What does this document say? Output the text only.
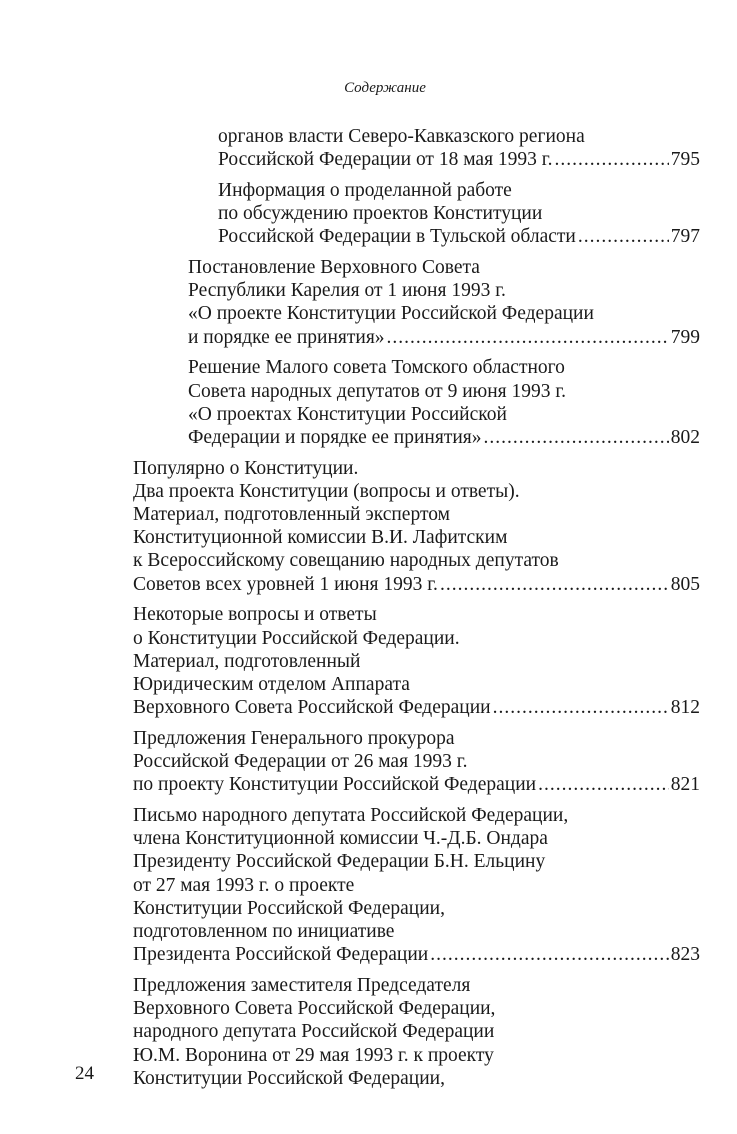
Содержание
органов власти Северо-Кавказского региона
Российской Федерации от 18 мая 1993 г. .....	795
Информация о проделанной работе
по обсуждению проектов Конституции
Российской Федерации в Тульской области .....	797
Постановление Верховного Совета
Республики Карелия от 1 июня 1993 г.
«О проекте Конституции Российской Федерации
и порядке ее принятия» .....	799
Решение Малого совета Томского областного
Совета народных депутатов от 9 июня 1993 г.
«О проектах Конституции Российской
Федерации и порядке ее принятия» .....	802
Популярно о Конституции.
Два проекта Конституции (вопросы и ответы).
Материал, подготовленный экспертом
Конституционной комиссии В.И. Лафитским
к Всероссийскому совещанию народных депутатов
Советов всех уровней 1 июня 1993 г. .....	805
Некоторые вопросы и ответы
о Конституции Российской Федерации.
Материал, подготовленный
Юридическим отделом Аппарата
Верховного Совета Российской Федерации .....	812
Предложения Генерального прокурора
Российской Федерации от 26 мая 1993 г.
по проекту Конституции Российской Федерации .....	821
Письмо народного депутата Российской Федерации,
члена Конституционной комиссии Ч.-Д.Б. Ондара
Президенту Российской Федерации Б.Н. Ельцину
от 27 мая 1993 г. о проекте
Конституции Российской Федерации,
подготовленном по инициативе
Президента Российской Федерации .....	823
Предложения заместителя Председателя
Верховного Совета Российской Федерации,
народного депутата Российской Федерации
Ю.М. Воронина от 29 мая 1993 г. к проекту
Конституции Российской Федерации,
24
